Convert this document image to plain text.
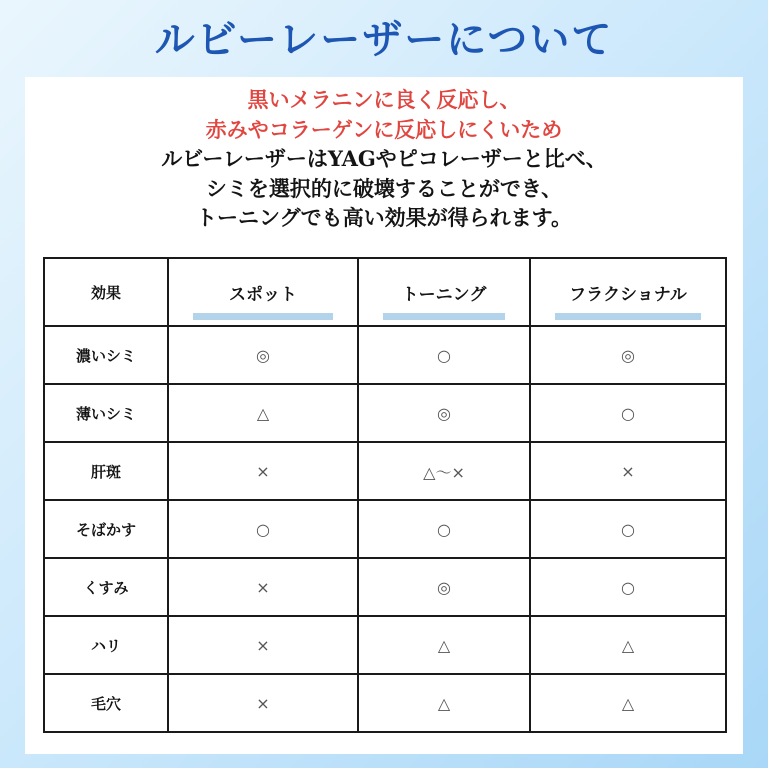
ルビーレーザーについて
黒いメラニンに良く反応し、
赤みやコラーゲンに反応しにくいため
ルビーレーザーはYAGやピコレーザーと比べ、
シミを選択的に破壊することができ、
トーニングでも高い効果が得られます。
効果	スポット	トーニング	フラクショナル

濃いシミ	◎	○	◎
薄いシミ	△	◎	○
肝斑	×	△〜×	×
そばかす	○	○	○
くすみ	×	◎	○
ハリ	×	△	△
毛穴	×	△	△
